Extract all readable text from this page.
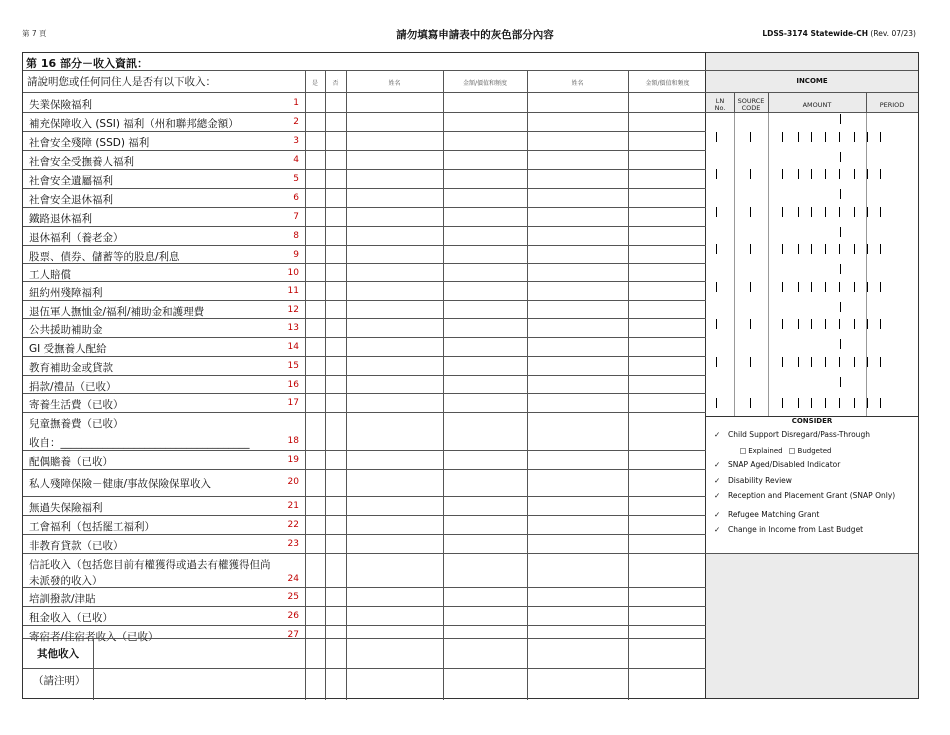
第 7 頁	請勿填寫申請表中的灰色部分內容	LDSS-3174 Statewide-CH (Rev. 07/23)
第 16 部分－收入資訊：
請說明您或任何同住人是否有以下收入：	是	否	姓名	金額/價值和頻度	姓名	金額/價值和頻度
失業保險福利	1
補充保障收入 (SSI) 福利（州和聯邦總金額）	2
社會安全殘障 (SSD) 福利	3
社會安全受撫養人福利	4
社會安全遺屬福利	5
社會安全退休福利	6
鐵路退休福利	7
退休福利（養老金）	8
股票、債券、儲蓄等的股息/利息	9
工人賠償	10
紐約州殘障福利	11
退伍軍人撫恤金/福利/補助金和護理費	12
公共援助補助金	13
GI 受撫養人配給	14
教育補助金或貸款	15
捐款/禮品（已收）	16
寄養生活費（已收）	17
兒童撫養費（已收）
收自：____________________________________	18
配偶贍養（已收）	19
私人殘障保險－健康/事故保險保單收入	20
無過失保險福利	21
工會福利（包括罷工福利）	22
非教育貸款（已收）	23
信託收入（包括您目前有權獲得或過去有權獲得但尚
未派發的收入）	24
培訓撥款/津貼	25
租金收入（已收）	26
寄宿者/住宿者收入（已收）	27
其他收入
（請注明）
INCOME
LN
No.
SOURCE
CODE	AMOUNT	PERIOD
CONSIDER
✓ Child Support Disregard/Pass-Through
Explained Budgeted
✓ SNAP Aged/Disabled Indicator
✓ Disability Review
✓ Reception and Placement Grant (SNAP Only)
✓ Refugee Matching Grant
✓ Change in Income from Last Budget
